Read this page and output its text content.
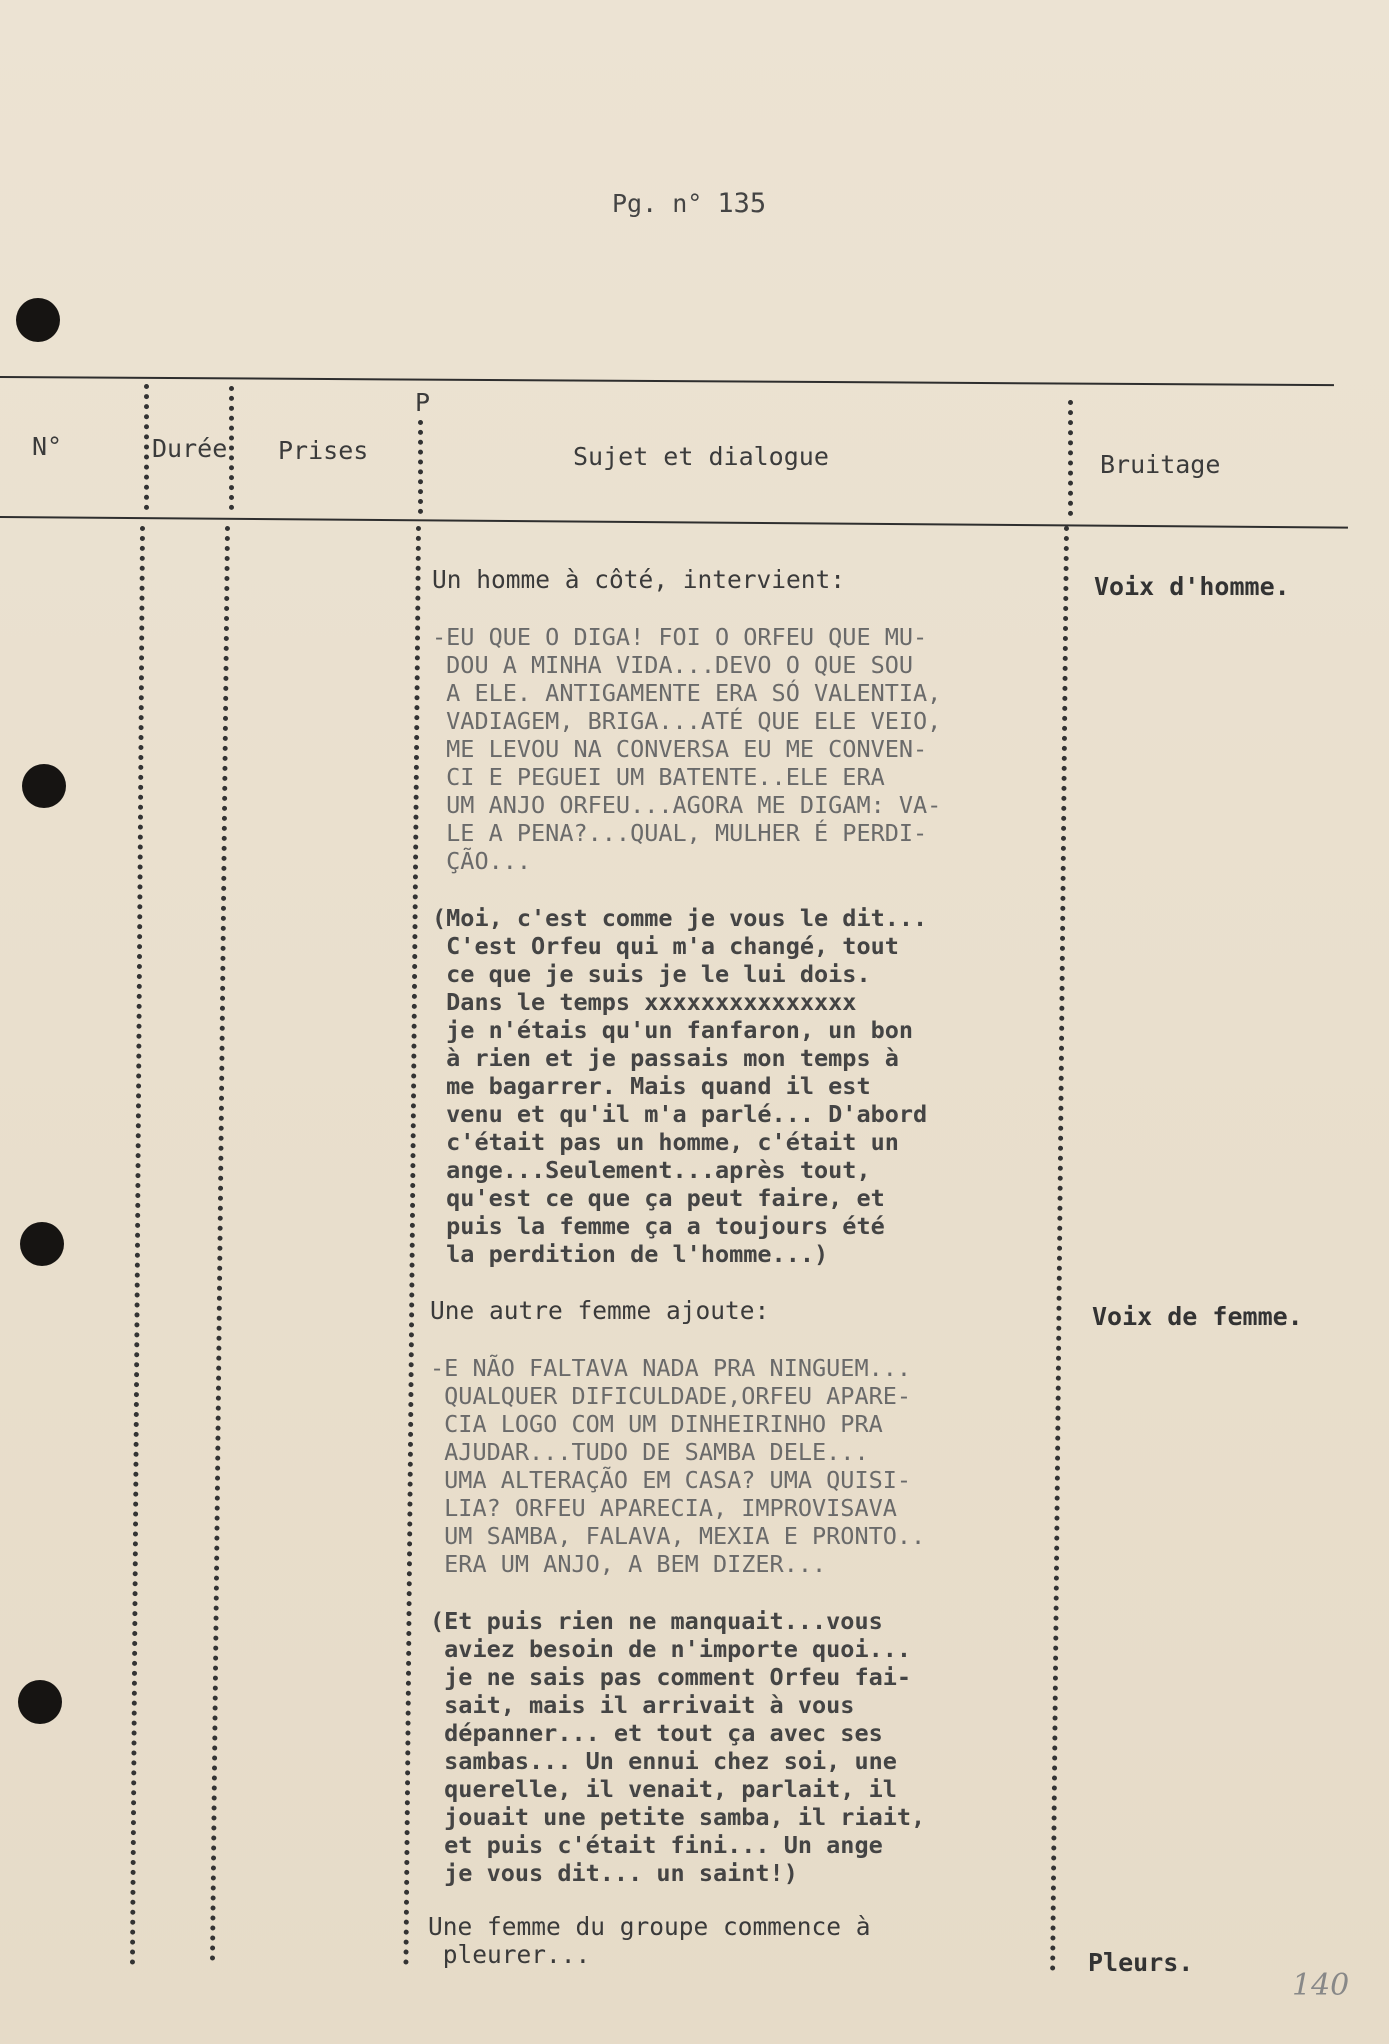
Pg. n° 135
N°	Durée Prises
P
Sujet et dialogue	Bruitage
Un homme à côté, intervient:
-EU QUE O DIGA! FOI O ORFEU QUE MU-
DOU A MINHA VIDA...DEVO O QUE SOU
A ELE. ANTIGAMENTE ERA SÓ VALENTIA,
VADIAGEM, BRIGA...ATÉ QUE ELE VEIO,
ME LEVOU NA CONVERSA EU ME CONVEN-
CI E PEGUEI UM BATENTE..ELE ERA
UM ANJO ORFEU...AGORA ME DIGAM: VA-
LE A PENA?...QUAL, MULHER É PERDI-
ÇÃO...
(Moi, c'est comme je vous le dit...
C'est Orfeu qui m'a changé, tout
ce que je suis je le lui dois.
Dans le temps xxxxxxxxxxxxxxx
je n'étais qu'un fanfaron, un bon
à rien et je passais mon temps à
me bagarrer. Mais quand il est
venu et qu'il m'a parlé... D'abord
c'était pas un homme, c'était un
ange...Seulement...après tout,
qu'est ce que ça peut faire, et
puis la femme ça a toujours été
la perdition de l'homme...)
Une autre femme ajoute:
-E NÃO FALTAVA NADA PRA NINGUEM...
QUALQUER DIFICULDADE,ORFEU APARE-
CIA LOGO COM UM DINHEIRINHO PRA
AJUDAR...TUDO DE SAMBA DELE...
UMA ALTERAÇÃO EM CASA? UMA QUISI-
LIA? ORFEU APARECIA, IMPROVISAVA
UM SAMBA, FALAVA, MEXIA E PRONTO..
ERA UM ANJO, A BEM DIZER...
(Et puis rien ne manquait...vous
aviez besoin de n'importe quoi...
je ne sais pas comment Orfeu fai-
sait, mais il arrivait à vous
dépanner... et tout ça avec ses
sambas... Un ennui chez soi, une
querelle, il venait, parlait, il
jouait une petite samba, il riait,
et puis c'était fini... Un ange
je vous dit... un saint!)
Une femme du groupe commence à
pleurer...
Voix d'homme.
Voix de femme.
Pleurs.
140
